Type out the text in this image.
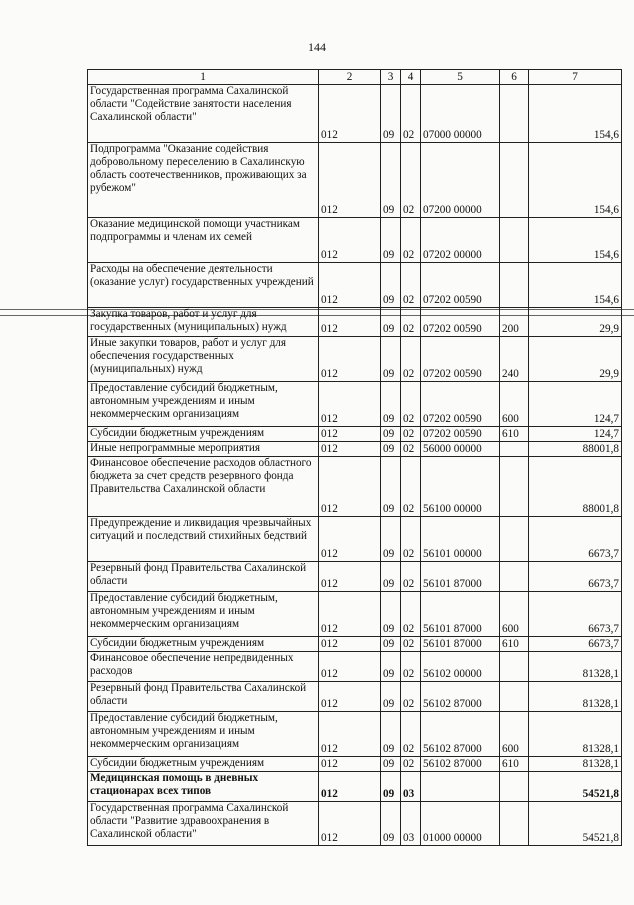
144
1	2	3	4	5	6	7
Государственная программа Сахалинской области "Содействие занятости населения Сахалинской области"	012	09	02	07000 00000		154,6
Подпрограмма "Оказание содействия добровольному переселению в Сахалинскую область соотечественников, проживающих за рубежом"	012	09	02	07200 00000		154,6
Оказание медицинской помощи участникам подпрограммы и членам их семей	012	09	02	07202 00000		154,6
Расходы на обеспечение деятельности (оказание услуг) государственных учреждений	012	09	02	07202 00590		154,6
Закупка товаров, работ и услуг для государственных (муниципальных) нужд	012	09	02	07202 00590	200	29,9
Иные закупки товаров, работ и услуг для обеспечения государственных (муниципальных) нужд	012	09	02	07202 00590	240	29,9
Предоставление субсидий бюджетным, автономным учреждениям и иным некоммерческим организациям	012	09	02	07202 00590	600	124,7
Субсидии бюджетным учреждениям	012	09	02	07202 00590	610	124,7
Иные непрограммные мероприятия	012	09	02	56000 00000		88001,8
Финансовое обеспечение расходов областного бюджета за счет средств резервного фонда Правительства Сахалинской области	012	09	02	56100 00000		88001,8
Предупреждение и ликвидация чрезвычайных ситуаций и последствий стихийных бедствий	012	09	02	56101 00000		6673,7
Резервный фонд Правительства Сахалинской области	012	09	02	56101 87000		6673,7
Предоставление субсидий бюджетным, автономным учреждениям и иным некоммерческим организациям	012	09	02	56101 87000	600	6673,7
Субсидии бюджетным учреждениям	012	09	02	56101 87000	610	6673,7
Финансовое обеспечение непредвиденных расходов	012	09	02	56102 00000		81328,1
Резервный фонд Правительства Сахалинской области	012	09	02	56102 87000		81328,1
Предоставление субсидий бюджетным, автономным учреждениям и иным некоммерческим организациям	012	09	02	56102 87000	600	81328,1
Субсидии бюджетным учреждениям	012	09	02	56102 87000	610	81328,1
Медицинская помощь в дневных стационарах всех типов	012	09	03			54521,8
Государственная программа Сахалинской области "Развитие здравоохранения в Сахалинской области"	012	09	03	01000 00000		54521,8
